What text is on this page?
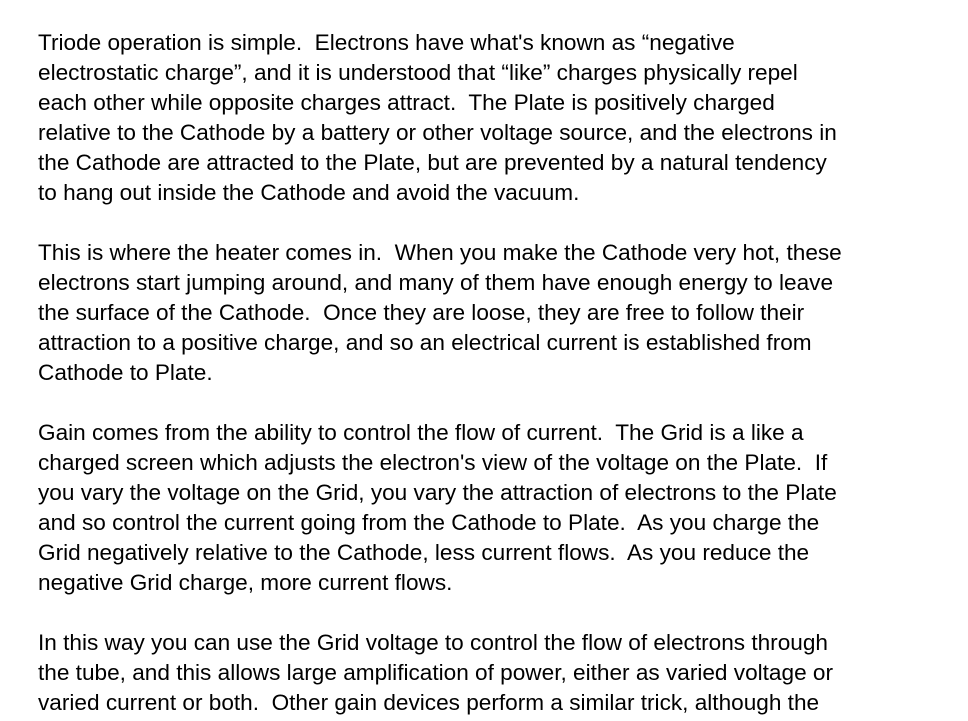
Triode operation is simple.  Electrons have what's known as “negative
electrostatic charge”, and it is understood that “like” charges physically repel
each other while opposite charges attract.  The Plate is positively charged
relative to the Cathode by a battery or other voltage source, and the electrons in
the Cathode are attracted to the Plate, but are prevented by a natural tendency
to hang out inside the Cathode and avoid the vacuum.
This is where the heater comes in.  When you make the Cathode very hot, these
electrons start jumping around, and many of them have enough energy to leave
the surface of the Cathode.  Once they are loose, they are free to follow their
attraction to a positive charge, and so an electrical current is established from
Cathode to Plate.
Gain comes from the ability to control the flow of current.  The Grid is a like a
charged screen which adjusts the electron's view of the voltage on the Plate.  If
you vary the voltage on the Grid, you vary the attraction of electrons to the Plate
and so control the current going from the Cathode to Plate.  As you charge the
Grid negatively relative to the Cathode, less current flows.  As you reduce the
negative Grid charge, more current flows.
In this way you can use the Grid voltage to control the flow of electrons through
the tube, and this allows large amplification of power, either as varied voltage or
varied current or both.  Other gain devices perform a similar trick, although the
